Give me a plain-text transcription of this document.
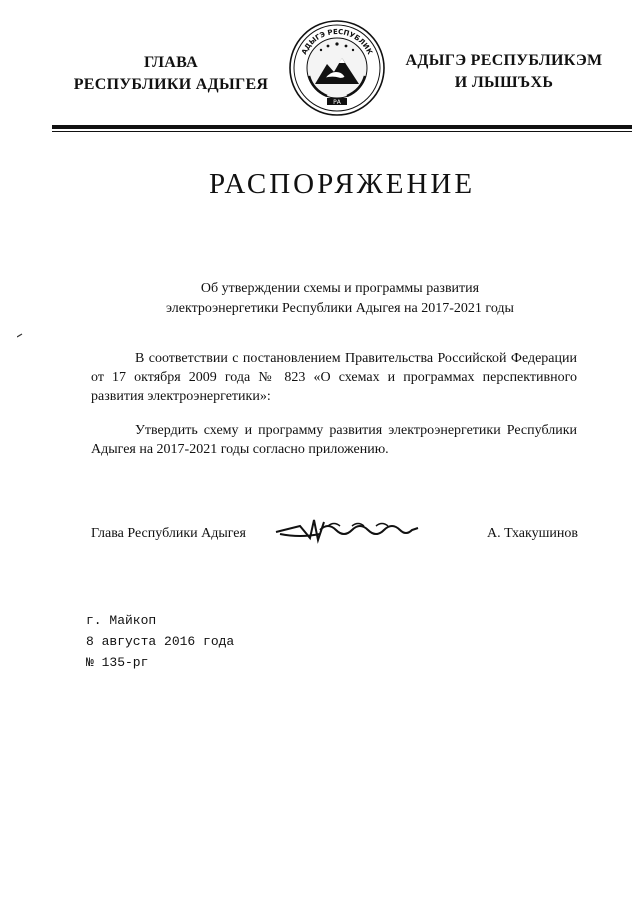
ГЛАВА
РЕСПУБЛИКИ АДЫГЕЯ
АДЫГЭ РЕСПУБЛИК
РА
АДЫГЭ РЕСПУБЛИКЭМ
И ЛЫШЪХЬ
РАСПОРЯЖЕНИЕ
Об утверждении схемы и программы развития
электроэнергетики Республики Адыгея на 2017-2021 годы
В соответствии с постановлением Правительства Российской Федерации от 17 октября 2009 года № 823 «О схемах и программах перспективного развития электроэнергетики»:
Утвердить схему и программу развития электроэнергетики Республики Адыгея на 2017-2021 годы согласно приложению.
Глава Республики Адыгея	А. Тхакушинов
г. Майкоп
8 августа 2016 года
№ 135-рг
